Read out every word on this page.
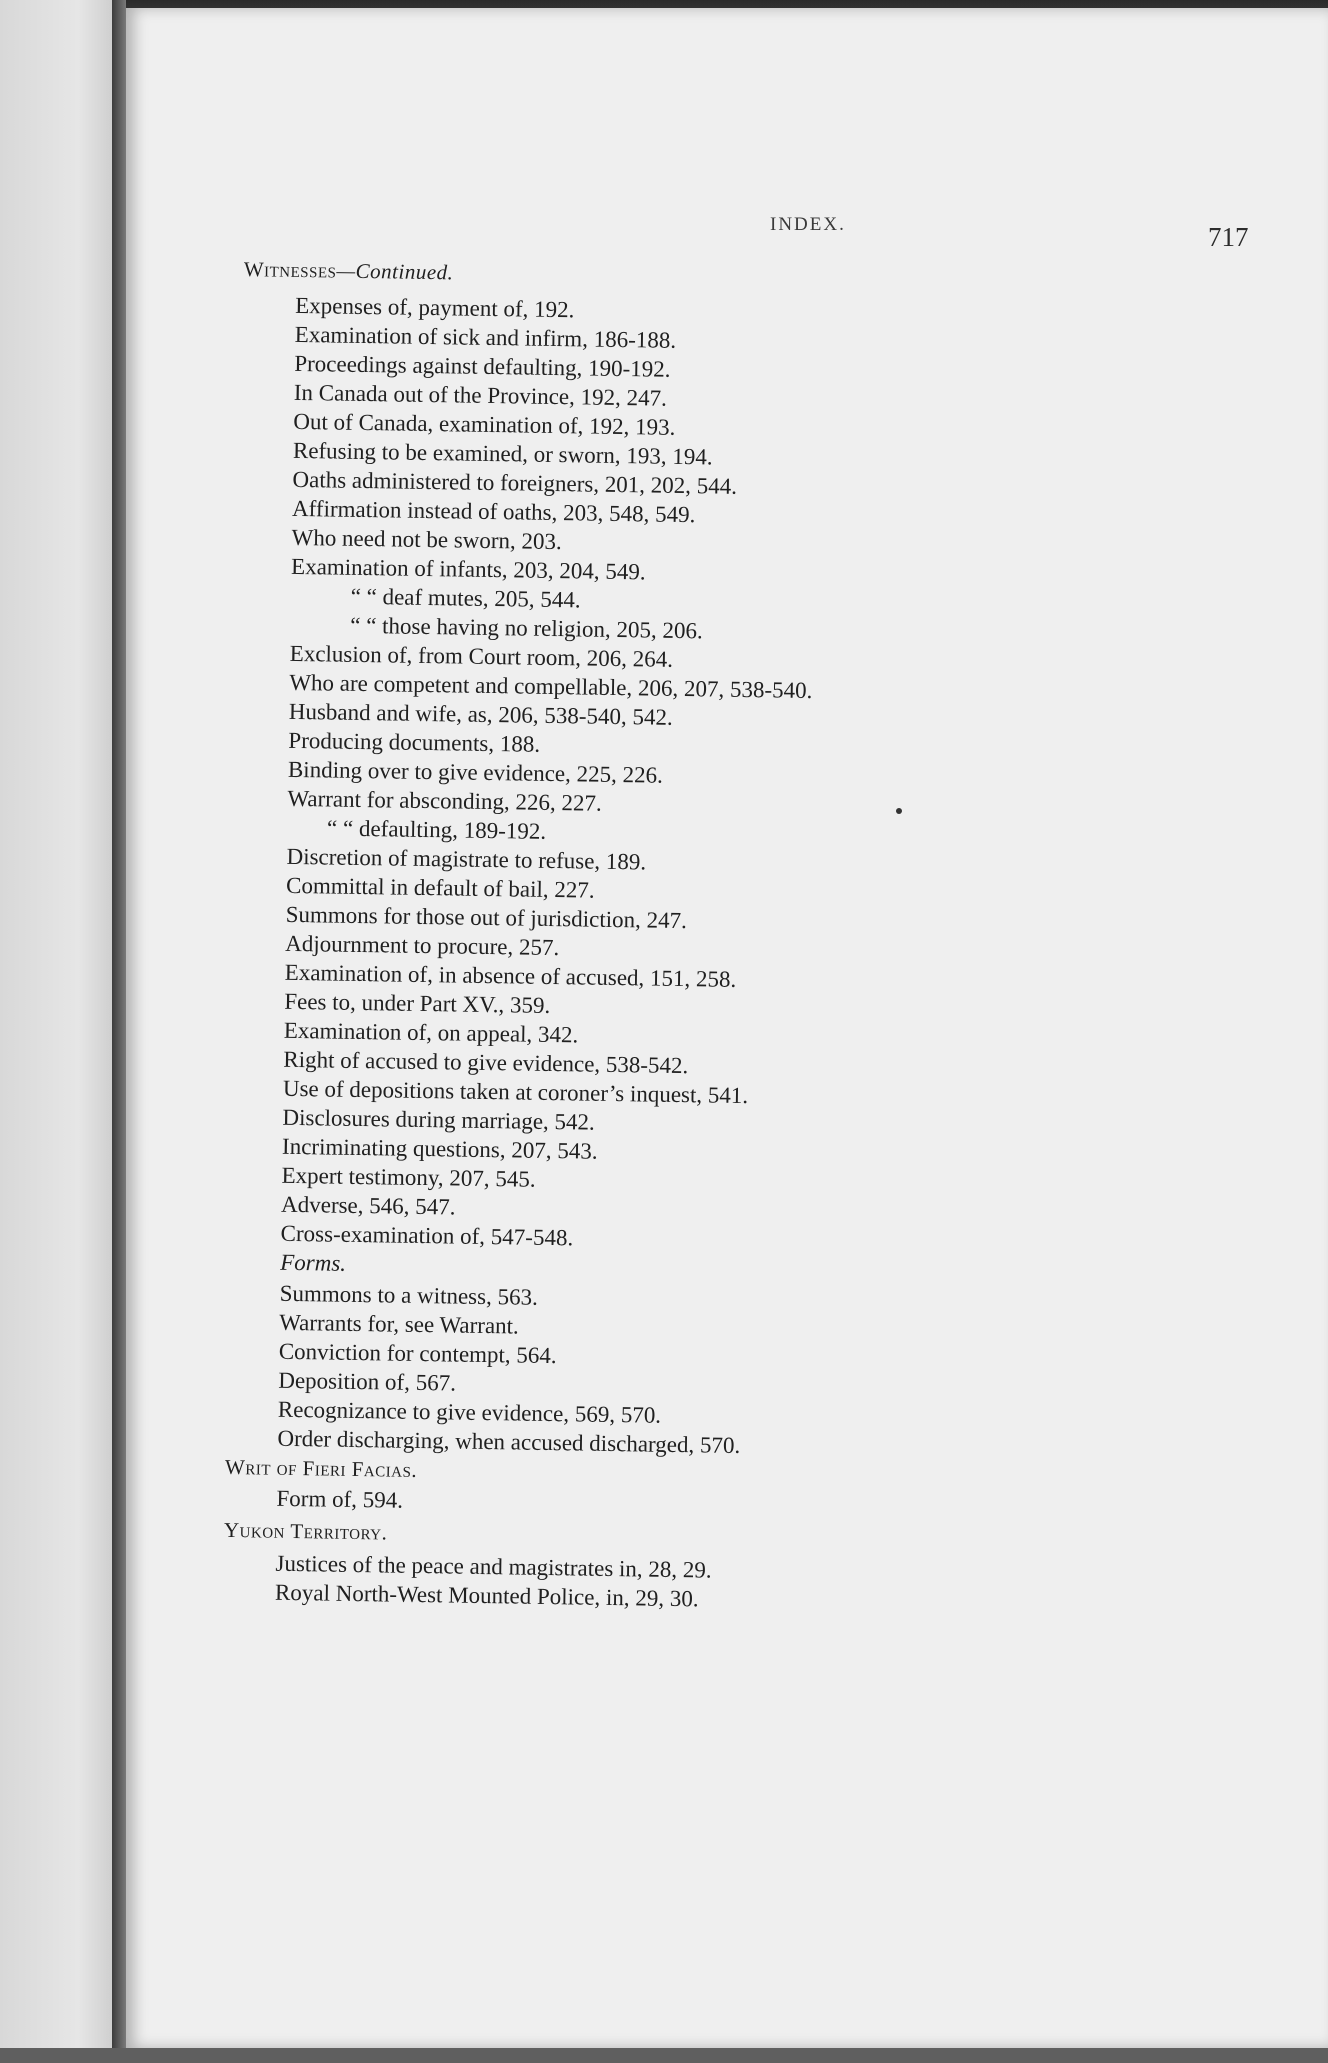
INDEX.	717
Witnesses—Continued.
Expenses of, payment of, 192.
Examination of sick and infirm, 186-188.
Proceedings against defaulting, 190-192.
In Canada out of the Province, 192, 247.
Out of Canada, examination of, 192, 193.
Refusing to be examined, or sworn, 193, 194.
Oaths administered to foreigners, 201, 202, 544.
Affirmation instead of oaths, 203, 548, 549.
Who need not be sworn, 203.
Examination of infants, 203, 204, 549.
“ “ deaf mutes, 205, 544.
“ “ those having no religion, 205, 206.
Exclusion of, from Court room, 206, 264.
Who are competent and compellable, 206, 207, 538-540.
Husband and wife, as, 206, 538-540, 542.
Producing documents, 188.
Binding over to give evidence, 225, 226.
Warrant for absconding, 226, 227.
“ “ defaulting, 189-192.
Discretion of magistrate to refuse, 189.
Committal in default of bail, 227.
Summons for those out of jurisdiction, 247.
Adjournment to procure, 257.
Examination of, in absence of accused, 151, 258.
Fees to, under Part XV., 359.
Examination of, on appeal, 342.
Right of accused to give evidence, 538-542.
Use of depositions taken at coroner’s inquest, 541.
Disclosures during marriage, 542.
Incriminating questions, 207, 543.
Expert testimony, 207, 545.
Adverse, 546, 547.
Cross-examination of, 547-548.
Forms.
Summons to a witness, 563.
Warrants for, see Warrant.
Conviction for contempt, 564.
Deposition of, 567.
Recognizance to give evidence, 569, 570.
Order discharging, when accused discharged, 570.
Writ of Fieri Facias.
Form of, 594.
Yukon Territory.
Justices of the peace and magistrates in, 28, 29.
Royal North-West Mounted Police, in, 29, 30.
